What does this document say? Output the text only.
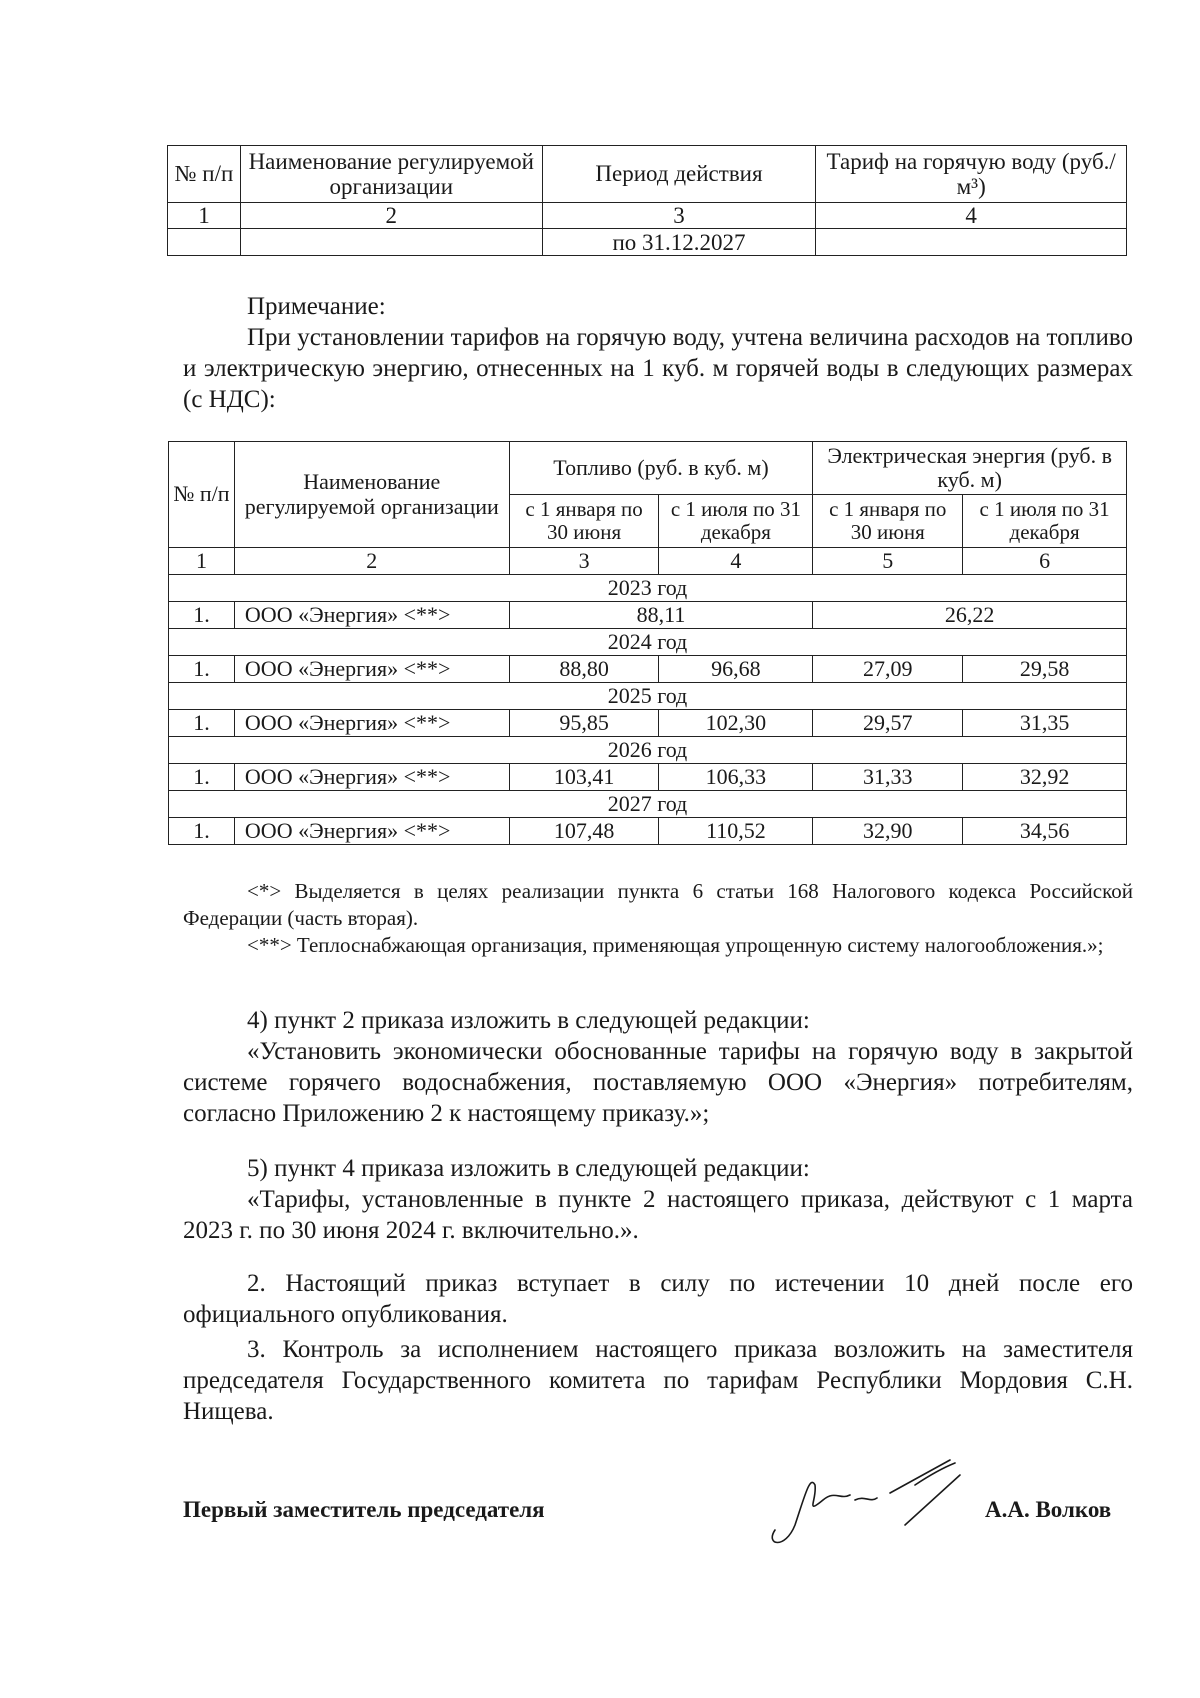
№ п/п	Наименование регулируемой организации	Период действия	Тариф на горячую воду (руб./м³)
1	2	3	4
		по 31.12.2027	
Примечание:
При установлении тарифов на горячую воду, учтена величина расходов на топливо и электрическую энергию, отнесенных на 1 куб. м горячей воды в следующих размерах (с НДС):
№ п/п	Наименование регулируемой организации	Топливо (руб. в куб. м)		Электрическая энергия (руб. в куб. м)	
		с 1 января по 30 июня	с 1 июля по 31 декабря	с 1 января по 30 июня	с 1 июля по 31 декабря
1	2	3	4	5	6
2023 год					
1.	ООО «Энергия» <**>	88,11		26,22	
2024 год					
1.	ООО «Энергия» <**>	88,80	96,68	27,09	29,58
2025 год					
1.	ООО «Энергия» <**>	95,85	102,30	29,57	31,35
2026 год					
1.	ООО «Энергия» <**>	103,41	106,33	31,33	32,92
2027 год					
1.	ООО «Энергия» <**>	107,48	110,52	32,90	34,56
<*> Выделяется в целях реализации пункта 6 статьи 168 Налогового кодекса Российской Федерации (часть вторая).
<**> Теплоснабжающая организация, применяющая упрощенную систему налогообложения.»;
4) пункт 2 приказа изложить в следующей редакции:
«Установить экономически обоснованные тарифы на горячую воду в закрытой системе горячего водоснабжения, поставляемую ООО «Энергия» потребителям, согласно Приложению 2 к настоящему приказу.»;
5) пункт 4 приказа изложить в следующей редакции:
«Тарифы, установленные в пункте 2 настоящего приказа, действуют с 1 марта 2023 г. по 30 июня 2024 г. включительно.».
2. Настоящий приказ вступает в силу по истечении 10 дней после его официального опубликования.
3. Контроль за исполнением настоящего приказа возложить на заместителя председателя Государственного комитета по тарифам Республики Мордовия С.Н. Нищева.
Первый заместитель председателя	А.А. Волков
